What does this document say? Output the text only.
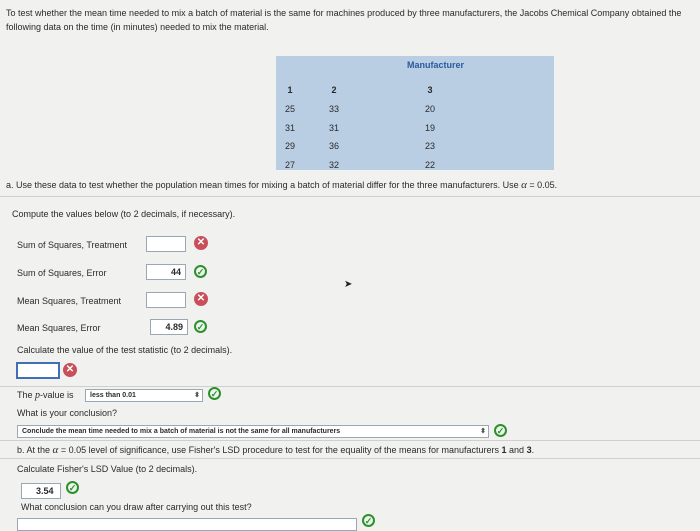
To test whether the mean time needed to mix a batch of material is the same for machines produced by three manufacturers, the Jacobs Chemical Company obtained the following data on the time (in minutes) needed to mix the material.
Manufacturer
1	2	3
25	33	20
31	31	19
29	36	23
27	32	22
a. Use these data to test whether the population mean times for mixing a batch of material differ for the three manufacturers. Use α = 0.05.
Compute the values below (to 2 decimals, if necessary).
Sum of Squares, Treatment	✕
Sum of Squares, Error	44	✓
Mean Squares, Treatment	✕
Mean Squares, Error	4.89	✓
Calculate the value of the test statistic (to 2 decimals).
✕
The p-value is	less than 0.01	⬍	✓
What is your conclusion?
Conclude the mean time needed to mix a batch of material is not the same for all manufacturers	⬍	✓
b. At the α = 0.05 level of significance, use Fisher's LSD procedure to test for the equality of the means for manufacturers 1 and 3.
Calculate Fisher's LSD Value (to 2 decimals).
3.54	✓
What conclusion can you draw after carrying out this test?
✓
➤
